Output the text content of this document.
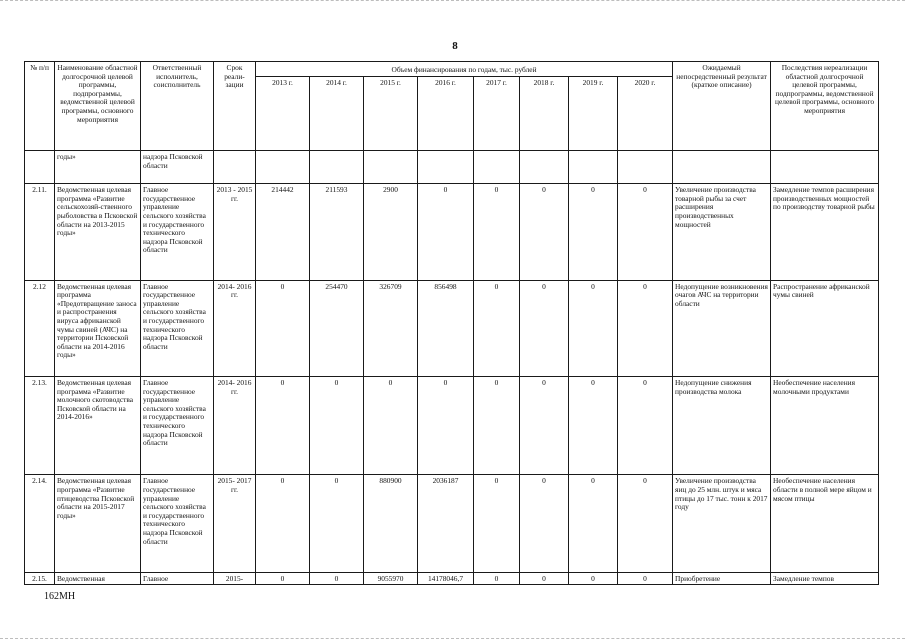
8
№ п/п	Наименование областной долгосрочной целевой программы, подпрограммы, ведомственной целевой программы, основного мероприятия	Ответственный исполнитель, соисполнитель	Срок реали-зации	Объем финансирования по годам, тыс. рублей								Ожидаемый непосредственный результат (краткое описание)	Последствия нереализации областной долгосрочной целевой программы, подпрограммы, ведомственной целевой программы, основного мероприятия
				2013 г.	2014 г.	2015 г.	2016 г.	2017 г.	2018 г.	2019 г.	2020 г.		
	годы»	надзора Псковской области											
2.11.	Ведомственная целевая программа «Развитие сельскохозяй-ственного рыболовства в Псковской области на 2013-2015 годы»	Главное государственное управление сельского хозяйства и государственного технического надзора Псковской области	2013 - 2015 гг.	214442	211593	2900	0	0	0	0	0	Увеличение производства товарной рыбы за счет расширения производственных мощностей	Замедление темпов расширения производственных мощностей по производству товарной рыбы
2.12	Ведомственная целевая программа «Предотвращение заноса и распространения вируса африканской чумы свиней (АЧС) на территории Псковской области на 2014-2016 годы»	Главное государственное управление сельского хозяйства и государственного технического надзора Псковской области	2014- 2016 гг.	0	254470	326709	856498	0	0	0	0	Недопущение возникновения очагов АЧС на территории области	Распространение африканской чумы свиней
2.13.	Ведомственная целевая программа «Развитие молочного скотоводства Псковской области на 2014-2016»	Главное государственное управление сельского хозяйства и государственного технического надзора Псковской области	2014- 2016 гг.	0	0	0	0	0	0	0	0	Недопущение снижения производства молока	Необеспечение населения молочными продуктами
2.14.	Ведомственная целевая программа «Развитие птицеводства Псковской области на 2015-2017 годы»	Главное государственное управление сельского хозяйства и государственного технического надзора Псковской области	2015- 2017 гг.	0	0	880900	2036187	0	0	0	0	Увеличение производства яиц до 25 млн. штук и мяса птицы до 17 тыс. тонн к 2017 году	Необеспечение населения области в полной мере яйцом и мясом птицы
2.15.	Ведомственная	Главное	2015-	0	0	9055970	14178046,7	0	0	0	0	Приобретение	Замедление темпов
162МН
